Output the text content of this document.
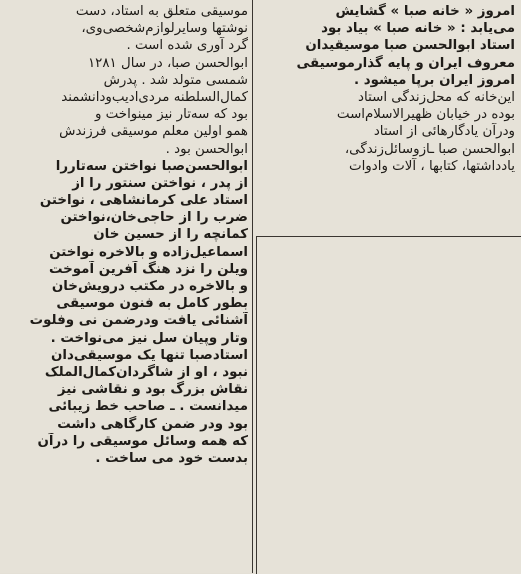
امروز « خانه صبا » گشایش
می‌یابد : « خانه صبا » بیاد بود
استاد ابوالحسن صبا موسیقیدان
معروف ایران و پایه گذارموسیقی
امروز ایران برپا میشود .
این‌خانه که محل‌زندگی استاد
بوده در خیابان ظهیرالاسلام‌است
ودرآن یادگارهائی از استاد
ابوالحسن صبا ـازوسائل‌زندگی،
یادداشتها، کتابها ، آلات وادوات
موسیقی متعلق به استاد، دست
نوشتها وسایرلوازم‌شخصی‌وی،
گرد آوری شده است .
ابوالحسن صبا، در سال ۱۲۸۱
شمسی متولد شد . پدرش
کمال‌السلطنه مردی‌ادیب‌ودانشمند
بود که سه‌تار نیز مینواخت و
همو اولین معلم موسیقی فرزندش
ابوالحسن بود .
ابوالحسن‌صبا نواختن سه‌تاررا
از پدر ، نواختن سنتور را از
استاد علی کرمانشاهی ، نواختن
ضرب را از حاجی‌خان،نواختن
کمانچه را از حسین خان
اسماعیل‌زاده و بالاخره نواختن
ویلن را نزد هنگ آفرین آموخت
و بالاخره در مکتب درویش‌خان
بطور کامل به فنون موسیقی
آشنائی یافت ودرضمن نی وفلوت
وتار وپیان سل نیز می‌نواخت .
استادصبا تنها یک موسیقی‌دان
نبود ، او از شاگردان‌کمال‌الملک
نقاش بزرگ بود و نقاشی نیز
میدانست . ـ صاحب خط زیبائی
بود ودر ضمن کارگاهی داشت
که همه وسائل موسیقی را درآن
بدست خود می ساخت .
